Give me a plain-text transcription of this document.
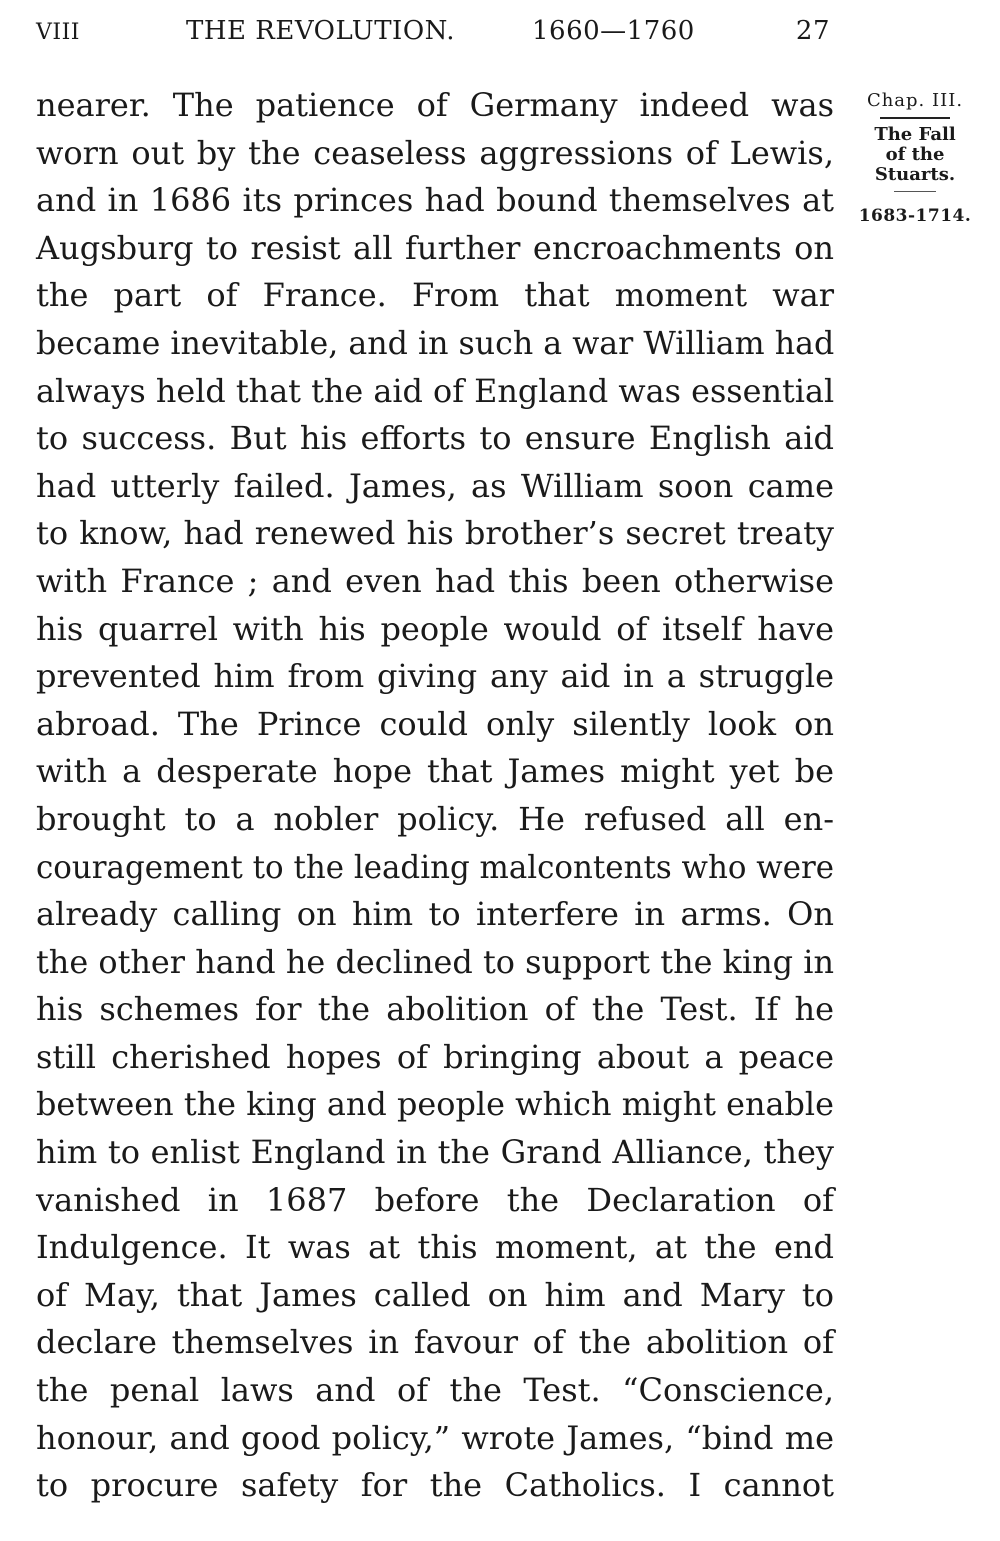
VIII	THE REVOLUTION.	1660—1760	27
nearer. The patience of Germany indeed was
worn out by the ceaseless aggressions of Lewis,
and in 1686 its princes had bound themselves at
Augsburg to resist all further encroachments on
the part of France. From that moment war
became inevitable, and in such a war William had
always held that the aid of England was essential
to success. But his efforts to ensure English aid
had utterly failed. James, as William soon came
to know, had renewed his brother’s secret treaty
with France ; and even had this been otherwise
his quarrel with his people would of itself have
prevented him from giving any aid in a struggle
abroad. The Prince could only silently look on
with a desperate hope that James might yet be
brought to a nobler policy. He refused all en-
couragement to the leading malcontents who were
already calling on him to interfere in arms. On
the other hand he declined to support the king in
his schemes for the abolition of the Test. If he
still cherished hopes of bringing about a peace
between the king and people which might enable
him to enlist England in the Grand Alliance, they
vanished in 1687 before the Declaration of
Indulgence. It was at this moment, at the end
of May, that James called on him and Mary to
declare themselves in favour of the abolition of
the penal laws and of the Test. “Conscience,
honour, and good policy,” wrote James, “bind me
to procure safety for the Catholics. I cannot
Chap. III.
The Fall
of the
Stuarts.
1683-1714.
